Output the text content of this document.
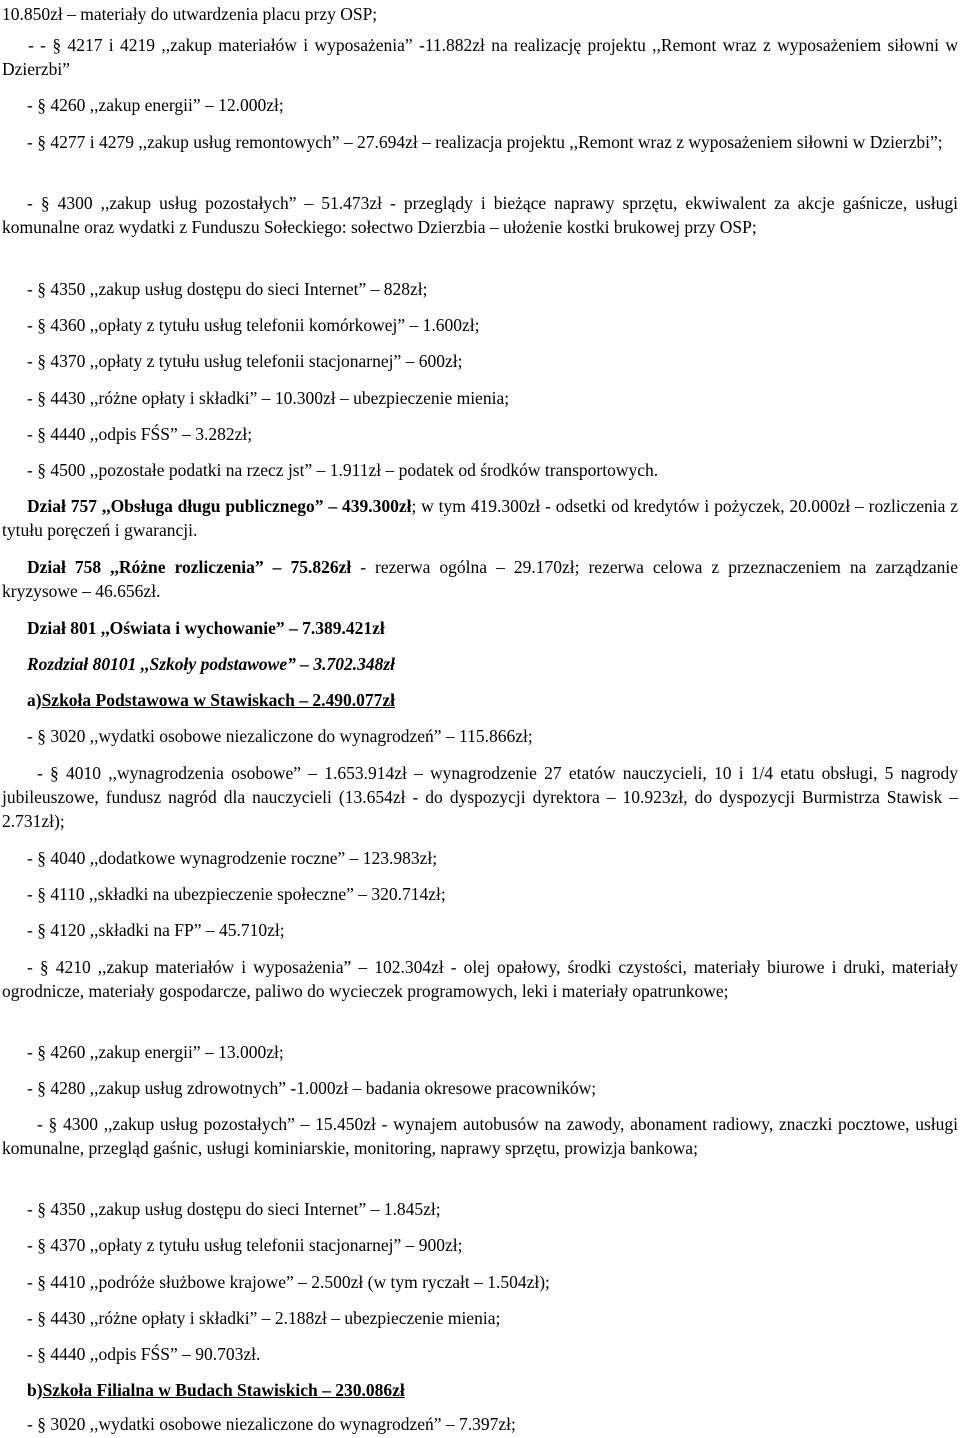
10.850zł – materiały do utwardzenia placu przy OSP;
- - § 4217 i 4219 ,,zakup materiałów i wyposażenia” -11.882zł na realizację projektu ,,Remont wraz z wyposażeniem siłowni w Dzierzbi”
- § 4260 ,,zakup energii” – 12.000zł;
- § 4277 i 4279 ,,zakup usług remontowych” – 27.694zł – realizacja projektu ,,Remont wraz z wyposażeniem siłowni w Dzierzbi”;
- § 4300 ,,zakup usług pozostałych” – 51.473zł - przeglądy i bieżące naprawy sprzętu, ekwiwalent za akcje gaśnicze, usługi komunalne oraz wydatki z Funduszu Sołeckiego: sołectwo Dzierzbia – ułożenie kostki brukowej przy OSP;
- § 4350 ,,zakup usług dostępu do sieci Internet” – 828zł;
- § 4360 ,,opłaty z tytułu usług telefonii komórkowej” – 1.600zł;
- § 4370 ,,opłaty z tytułu usług telefonii stacjonarnej” – 600zł;
- § 4430 ,,różne opłaty i składki” – 10.300zł – ubezpieczenie mienia;
- § 4440 ,,odpis FŚS” – 3.282zł;
- § 4500 ,,pozostałe podatki na rzecz jst” – 1.911zł – podatek od środków transportowych.
Dział 757 ,,Obsługa długu publicznego” – 439.300zł; w tym 419.300zł - odsetki od kredytów i pożyczek, 20.000zł – rozliczenia z tytułu poręczeń i gwarancji.
Dział 758 ,,Różne rozliczenia” – 75.826zł - rezerwa ogólna – 29.170zł; rezerwa celowa z przeznaczeniem na zarządzanie kryzysowe – 46.656zł.
Dział 801 ,,Oświata i wychowanie” – 7.389.421zł
Rozdział 80101 ,,Szkoły podstawowe” – 3.702.348zł
a)Szkoła Podstawowa w Stawiskach – 2.490.077zł
- § 3020 ,,wydatki osobowe niezaliczone do wynagrodzeń” – 115.866zł;
- § 4010 ,,wynagrodzenia osobowe” – 1.653.914zł – wynagrodzenie 27 etatów nauczycieli, 10 i 1/4 etatu obsługi, 5 nagrody jubileuszowe, fundusz nagród dla nauczycieli (13.654zł - do dyspozycji dyrektora – 10.923zł, do dyspozycji Burmistrza Stawisk – 2.731zł);
- § 4040 ,,dodatkowe wynagrodzenie roczne” – 123.983zł;
- § 4110 ,,składki na ubezpieczenie społeczne” – 320.714zł;
- § 4120 ,,składki na FP” – 45.710zł;
- § 4210 ,,zakup materiałów i wyposażenia” – 102.304zł - olej opałowy, środki czystości, materiały biurowe i druki, materiały ogrodnicze, materiały gospodarcze, paliwo do wycieczek programowych, leki i materiały opatrunkowe;
- § 4260 ,,zakup energii” – 13.000zł;
- § 4280 ,,zakup usług zdrowotnych” -1.000zł – badania okresowe pracowników;
- § 4300 ,,zakup usług pozostałych” – 15.450zł - wynajem autobusów na zawody, abonament radiowy, znaczki pocztowe, usługi komunalne, przegląd gaśnic, usługi kominiarskie, monitoring, naprawy sprzętu, prowizja bankowa;
- § 4350 ,,zakup usług dostępu do sieci Internet” – 1.845zł;
- § 4370 ,,opłaty z tytułu usług telefonii stacjonarnej” – 900zł;
- § 4410 ,,podróże służbowe krajowe” – 2.500zł (w tym ryczałt – 1.504zł);
- § 4430 ,,różne opłaty i składki” – 2.188zł – ubezpieczenie mienia;
- § 4440 ,,odpis FŚS” – 90.703zł.
b)Szkoła Filialna w Budach Stawiskich – 230.086zł
- § 3020 ,,wydatki osobowe niezaliczone do wynagrodzeń” – 7.397zł;
